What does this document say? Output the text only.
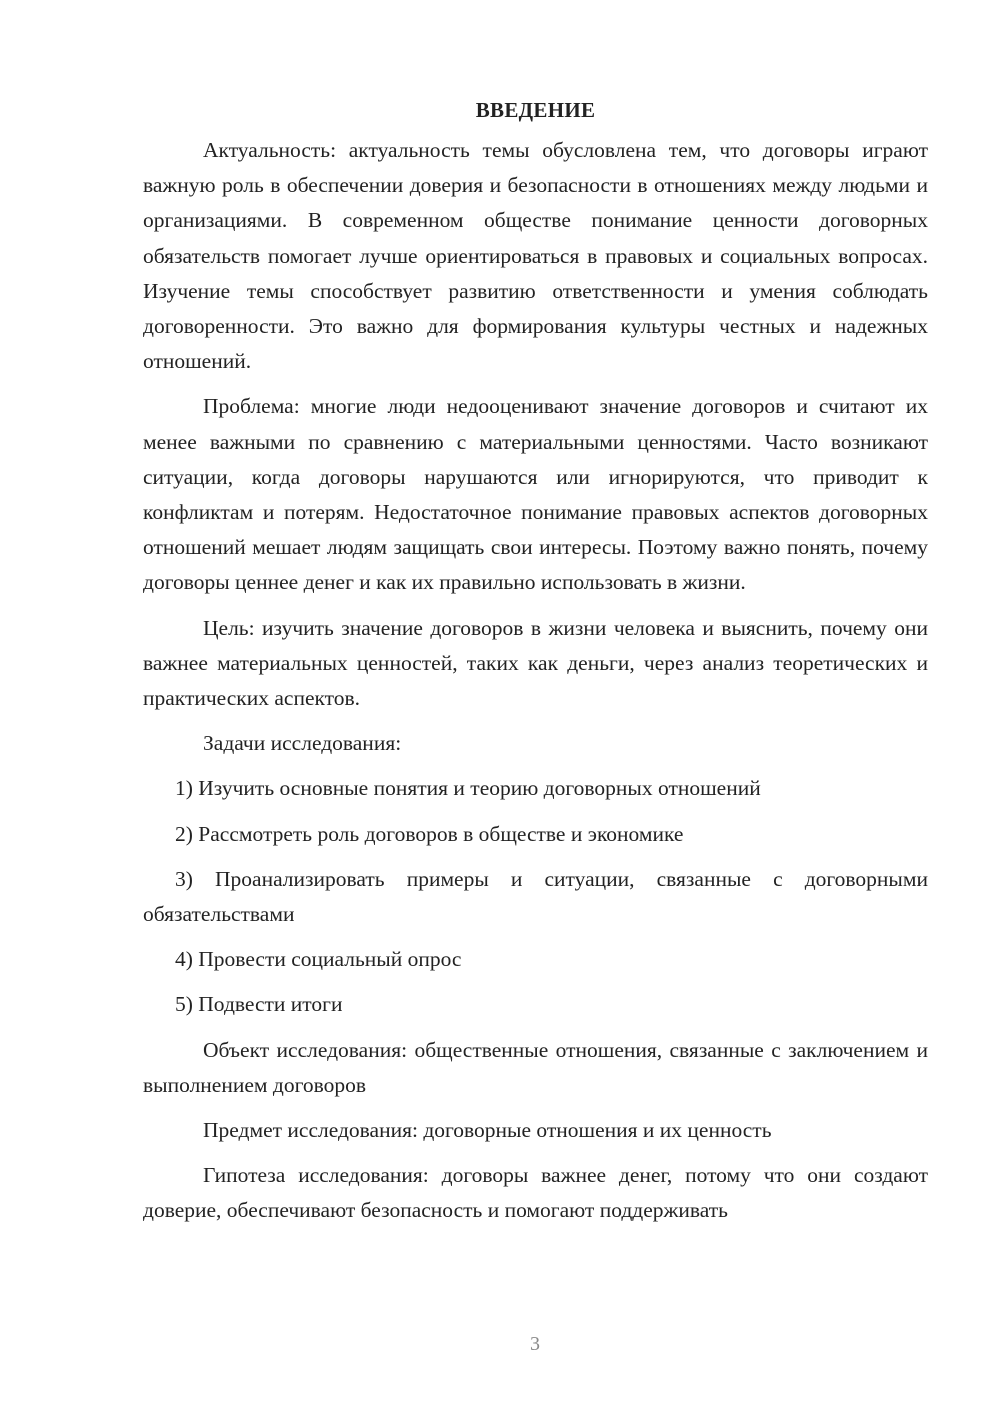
ВВЕДЕНИЕ

Актуальность: актуальность темы обусловлена тем, что договоры играют важную роль в обеспечении доверия и безопасности в отношениях между людьми и организациями. В современном обществе понимание ценности договорных обязательств помогает лучше ориентироваться в правовых и социальных вопросах. Изучение темы способствует развитию ответственности и умения соблюдать договоренности. Это важно для формирования культуры честных и надежных отношений.

Проблема: многие люди недооценивают значение договоров и считают их менее важными по сравнению с материальными ценностями. Часто возникают ситуации, когда договоры нарушаются или игнорируются, что приводит к конфликтам и потерям. Недостаточное понимание правовых аспектов договорных отношений мешает людям защищать свои интересы. Поэтому важно понять, почему договоры ценнее денег и как их правильно использовать в жизни.

Цель: изучить значение договоров в жизни человека и выяснить, почему они важнее материальных ценностей, таких как деньги, через анализ теоретических и практических аспектов.

Задачи исследования:

1) Изучить основные понятия и теорию договорных отношений

2) Рассмотреть роль договоров в обществе и экономике

3) Проанализировать примеры и ситуации, связанные с договорными обязательствами

4) Провести социальный опрос

5) Подвести итоги

Объект исследования: общественные отношения, связанные с заключением и выполнением договоров

Предмет исследования: договорные отношения и их ценность

Гипотеза исследования: договоры важнее денег, потому что они создают доверие, обеспечивают безопасность и помогают поддерживать

3
